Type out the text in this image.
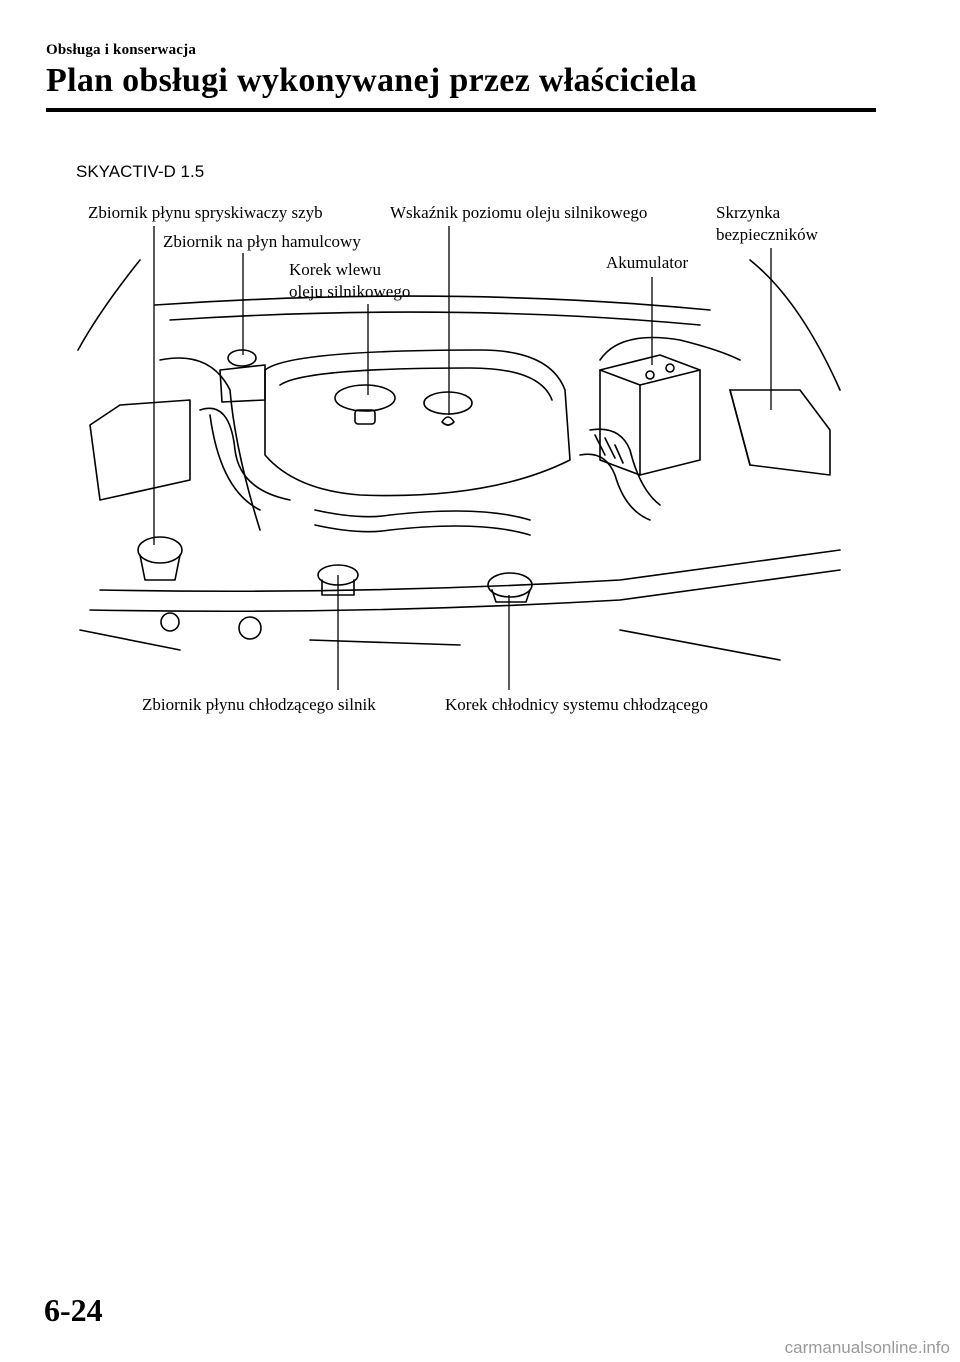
Obsługa i konserwacja
Plan obsługi wykonywanej przez właściciela
SKYACTIV-D 1.5
Zbiornik płynu spryskiwaczy szyb
Zbiornik na płyn hamulcowy
Korek wlewu
oleju silnikowego
Wskaźnik poziomu oleju silnikowego	Skrzynka
bezpieczników
Akumulator
Zbiornik płynu chłodzącego silnik	Korek chłodnicy systemu chłodzącego
6-24
carmanualsonline.info
